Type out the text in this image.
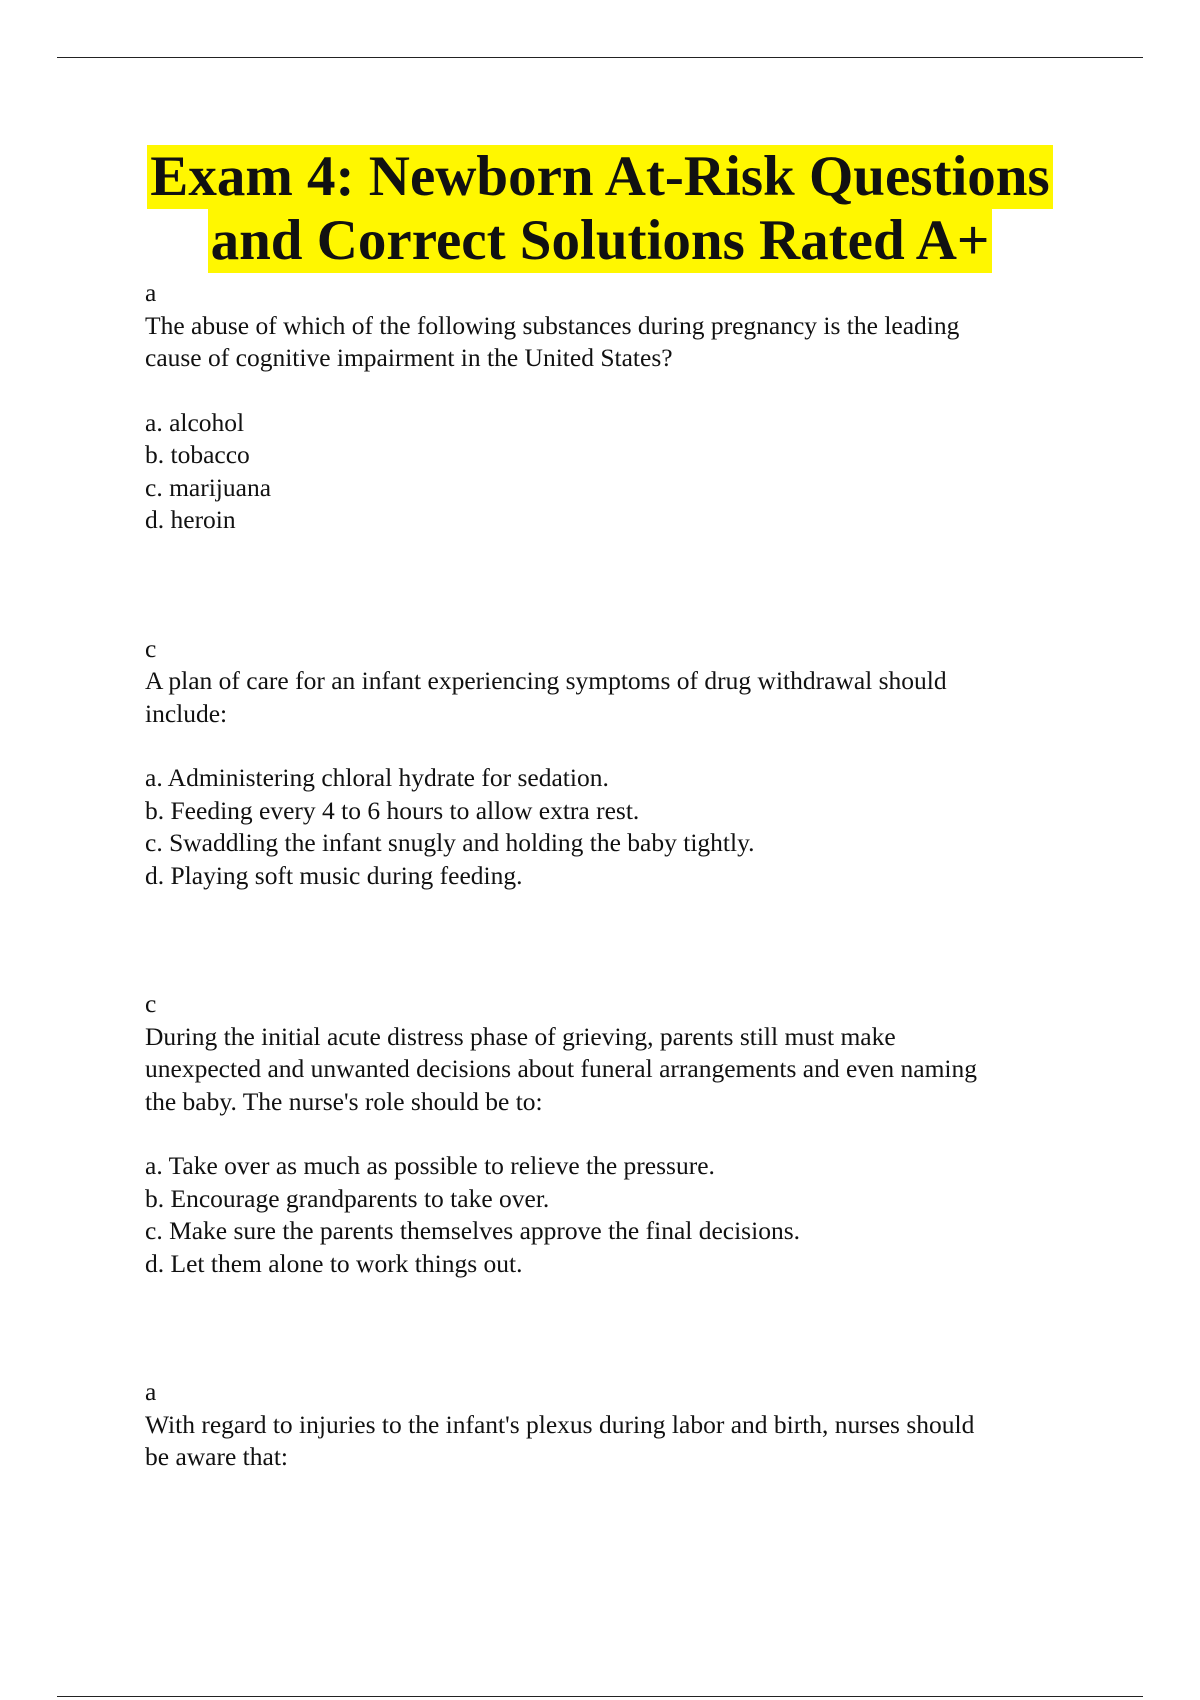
Exam 4: Newborn At-Risk Questions
and Correct Solutions Rated A+
a
The abuse of which of the following substances during pregnancy is the leading
cause of cognitive impairment in the United States?
a. alcohol
b. tobacco
c. marijuana
d. heroin
c
A plan of care for an infant experiencing symptoms of drug withdrawal should
include:
a. Administering chloral hydrate for sedation.
b. Feeding every 4 to 6 hours to allow extra rest.
c. Swaddling the infant snugly and holding the baby tightly.
d. Playing soft music during feeding.
c
During the initial acute distress phase of grieving, parents still must make
unexpected and unwanted decisions about funeral arrangements and even naming
the baby. The nurse's role should be to:
a. Take over as much as possible to relieve the pressure.
b. Encourage grandparents to take over.
c. Make sure the parents themselves approve the final decisions.
d. Let them alone to work things out.
a
With regard to injuries to the infant's plexus during labor and birth, nurses should
be aware that:
